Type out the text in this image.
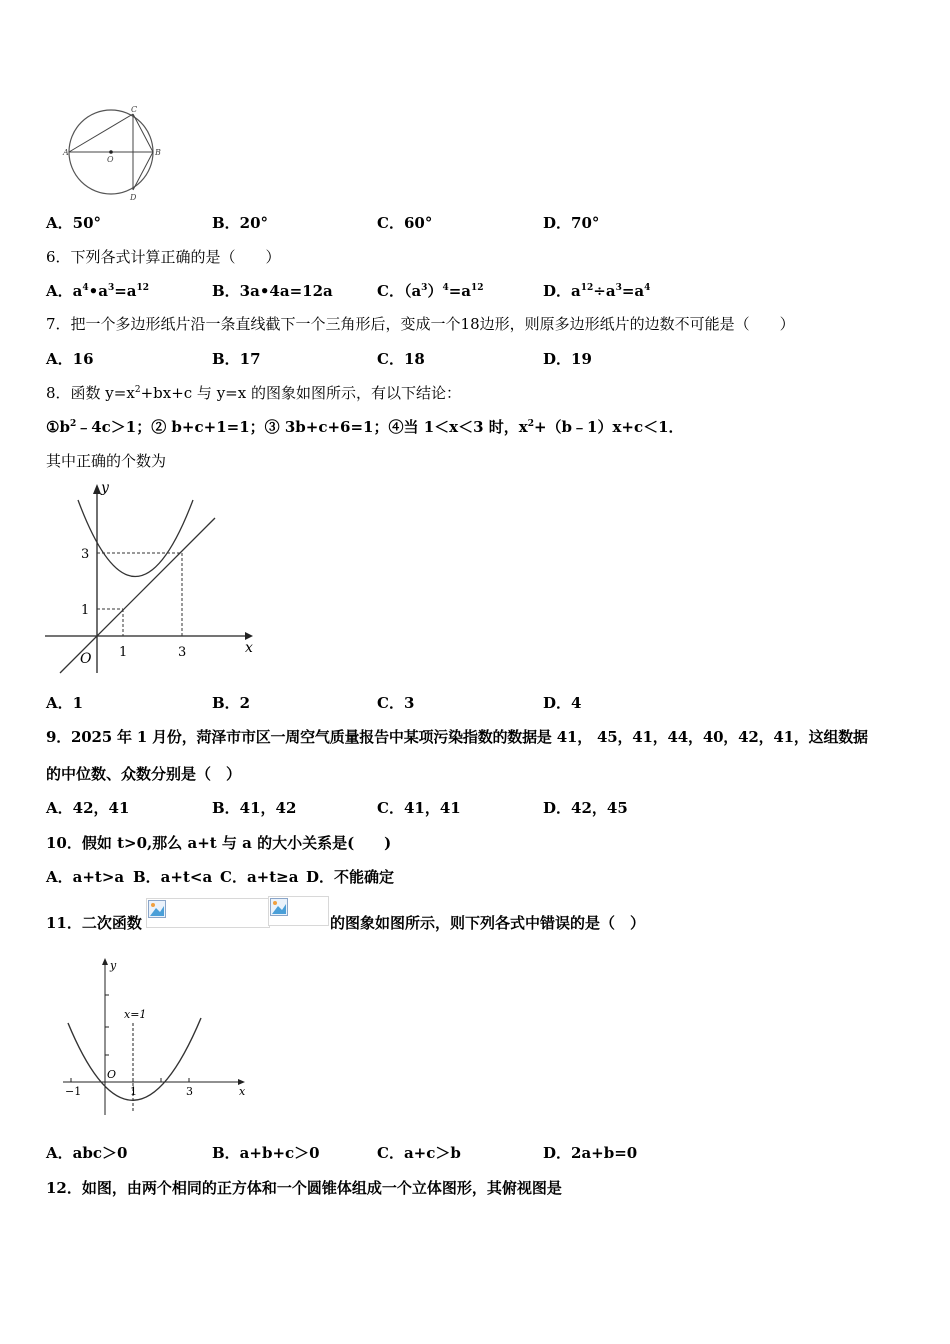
C
A
O
B
D
A．50°	B．20°	C．60°	D．70°
6．下列各式计算正确的是（　　）
A．$a^4•a^3=a^{12}$	B．3a•4a=12a	C．$(a^3)^4=a^{12}$	D．$a^{12}\div a^3=a^4$
7．把一个多边形纸片沿一条直线截下一个三角形后，变成一个18边形，则原多边形纸片的边数不可能是（　　）
A．16	B．17	C．18	D．19
8．函数 $y=x^2+bx+c$ 与 y=x 的图象如图所示，有以下结论：
$①b^2﹣4c>1$；② b+c+1=1；③ 3b+c+6=1；④当 1＜x＜3 时，$x^2+(b﹣1)x+c<1$．
其中正确的个数为
y
x
O 1	3
1
3
A．1	B．2	C．3	D．4
9．2025 年 1 月份，菏泽市市区一周空气质量报告中某项污染指数的数据是 41， 45，41，44，40，42，41，这组数据
的中位数、众数分别是（　）
A．42，41	B．41，42	C．41，41	D．42，45
10．假如 t>0,那么 a+t 与 a 的大小关系是(　　)
A．a+t>a B．a+t<a C．a+t≥a D．不能确定
11．二次函数	的图象如图所示，则下列各式中错误的是（　）
y
x
O
x=1
−1	1	3
A．abc＞0	B．a+b+c＞0	C．a+c＞b	D．2a+b=0
12．如图，由两个相同的正方体和一个圆锥体组成一个立体图形，其俯视图是
